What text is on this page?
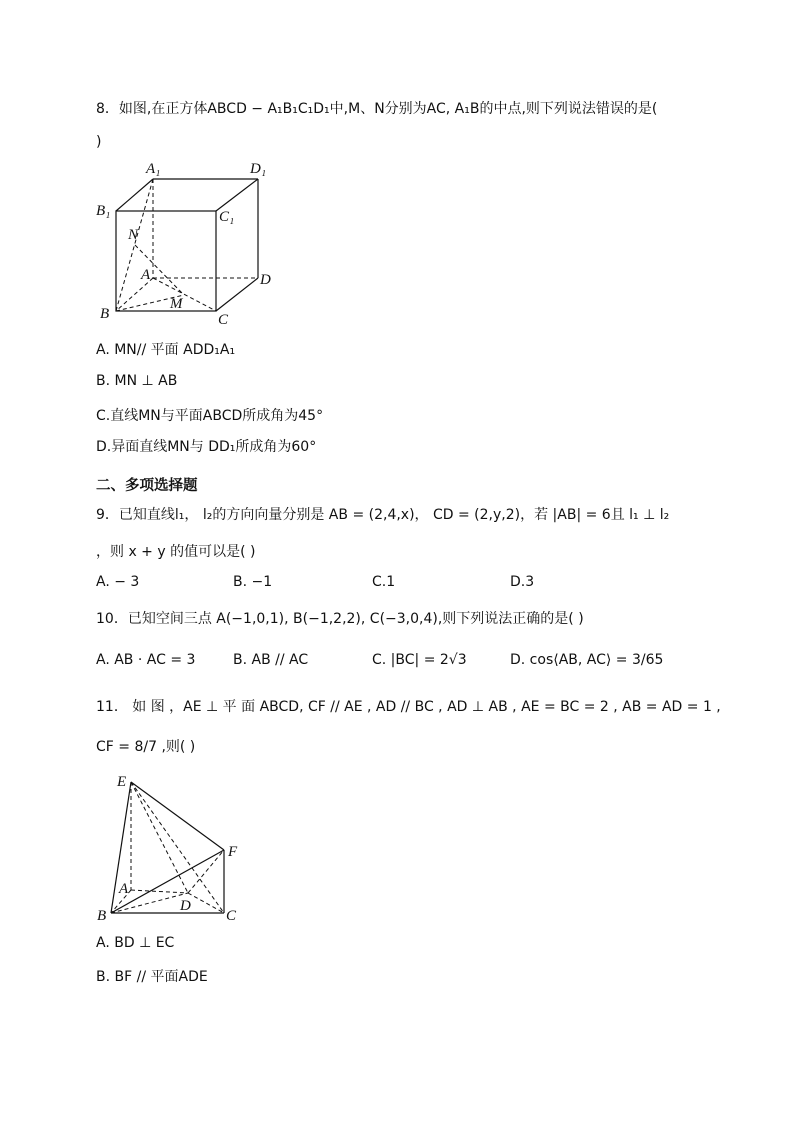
8．如图,在正方体ABCD − A₁B₁C₁D₁中,M、N分别为AC, A₁B的中点,则下列说法错误的是(
)
A₁	D₁
B₁	C₁
N
A	D
B
M
C
A. MN// 平面 ADD₁A₁
B. MN ⊥ AB
C.直线MN与平面ABCD所成角为45°
D.异面直线MN与 DD₁所成角为60°
二、多项选择题
9．已知直线l₁， l₂的方向向量分别是 AB = (2,4,x)， CD = (2,y,2)，若 |AB| = 6且 l₁ ⊥ l₂
，则 x + y 的值可以是( )
A. − 3	B. −1	C.1	D.3
10．已知空间三点 A(−1,0,1), B(−1,2,2), C(−3,0,4),则下列说法正确的是( )
A. AB · AC = 3	B. AB // AC	C. |BC| = 2√3	D. cos⟨AB, AC⟩ = 3/65
11． 如 图 ，AE ⊥ 平 面 ABCD, CF // AE , AD // BC , AD ⊥ AB , AE = BC = 2 , AB = AD = 1 ,
CF = 8/7 ,则( )
E
F
A
D
B	C
A. BD ⊥ EC
B. BF // 平面ADE
